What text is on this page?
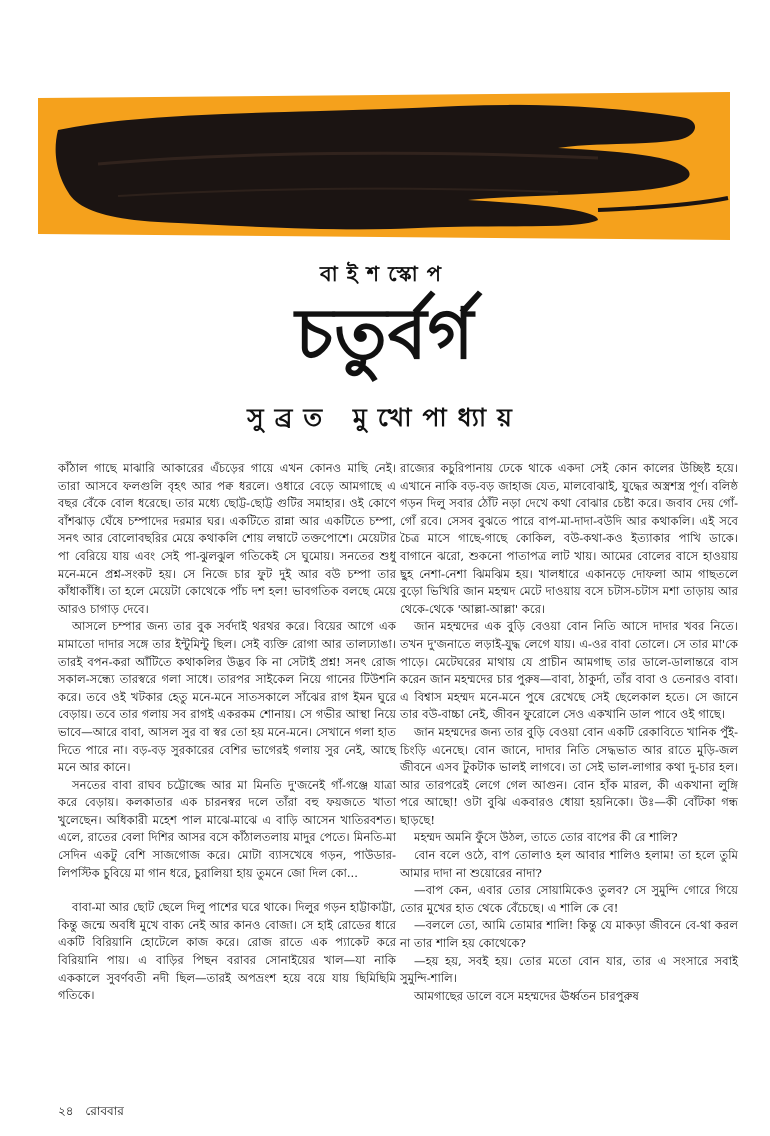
বাইশস্কোপ
চতুর্বর্গ
সুব্রত মুখোপাধ্যায়

কাঁঠাল গাছে মাঝারি আকারের এঁচড়ের গায়ে এখন কোনও মাছি নেই। তারা আসবে ফলগুলি বৃহৎ আর পক্ব ধরলে। ওধারে বেড়ে আমগাছে এ বছর বেঁকে বোল ধরেছে। তার মধ্যে ছোট্ট-ছোট্ট গুটির সমাহার। ওই কোণে বাঁশঝাড় ঘেঁষে চম্পাদের দরমার ঘর। একটিতে রান্না আর একটিতে চম্পা, সনৎ আর বোলোবছরির মেয়ে কথাকলি শোয় লম্বাটে তক্তপোশে। মেয়েটার পা বেরিয়ে যায় এবং সেই পা-ঝুলঝুল গতিকেই সে ঘুমোয়। সনতের শুধু মনে-মনে প্রশ্ন-সংকট হয়। সে নিজে চার ফুট দুই আর বউ চম্পা তার কাঁধাকাঁধি। তা হলে মেয়েটা কোথেকে পাঁচ দশ হল! ভাবগতিক বলছে মেয়ে আরও চাগাড় দেবে।

আসলে চম্পার জন্য তার বুক সর্বদাই থরথর করে। বিয়ের আগে এক মামাতো দাদার সঙ্গে তার ইন্টুমিন্টু ছিল। সেই ব্যক্তি রোগা আর তালঢ্যাঙা। তারই বপন-করা আঁটিতে কথাকলির উদ্ভব কি না সেটাই প্রশ্ন! সনৎ রোজ সকাল-সন্ধ্যে তারস্বরে গলা সাধে। তারপর সাইকেল নিয়ে গানের টিউশনি করে। তবে ওই খটকার হেতু মনে-মনে সাতসকালে সাঁঝের রাগ ইমন ঘুরে বেড়ায়। তবে তার গলায় সব রাগই একরকম শোনায়। সে গভীর আস্থা নিয়ে ভাবে—আরে বাবা, আসল সুর বা স্বর তো হয় মনে-মনে। সেখানে গলা হাত দিতে পারে না। বড়-বড় সুরকারের বেশির ভাগেরই গলায় সুর নেই, আছে মনে আর কানে।

সনতের বাবা রাঘব চট্টোজ্জে আর মা মিনতি দু'জনেই গাঁ-গঞ্জে যাত্রা করে বেড়ায়। কলকাতার এক চারনস্বর দলে তাঁরা বহু ফয়জতে খাতা খুলেছেন। অধিকারী মহেশ পাল মাঝে-মাঝে এ বাড়ি আসেন খাতিরবশত। এলে, রাতের বেলা দিশির আসর বসে কাঁঠালতলায় মাদুর পেতে। মিনতি-মা সেদিন একটু বেশি সাজগোজ করে। মোটা ব্যাসখেষে গড়ন, পাউডার-লিপস্টিক চুবিয়ে মা গান ধরে, চুরালিয়া হায় তুমনে জো দিল কো...

বাবা-মা আর ছোট ছেলে দিলু পাশের ঘরে থাকে। দিলুর গড়ন হাট্টাকাট্টা, কিন্তু জন্মে অবধি মুখে বাক্য নেই আর কানও বোজা। সে হাই রোডের ধারে একটি বিরিয়ানি হোটেলে কাজ করে। রোজ রাতে এক প্যাকেট করে বিরিয়ানি পায়। এ বাড়ির পিছন বরাবর সোনাইয়ের খাল—যা নাকি এককালে সুবর্ণবতী নদী ছিল—তারই অপভ্রংশ হয়ে বয়ে যায় ছিমিছিমি গতিকে।

রাজ্যের কচুরিপানায় ঢেকে থাকে একদা সেই কোন কালের উচ্ছিষ্ট হয়ে। এখানে নাকি বড়-বড় জাহাজ যেত, মালবোঝাই, যুদ্ধের অস্ত্রশস্ত্র পূর্ণ। বলিষ্ঠ গড়ন দিলু সবার ঠোঁট নড়া দেখে কথা বোঝার চেষ্টা করে। জবাব দেয় গোঁ-গোঁ রবে। সেসব বুঝতে পারে বাপ-মা-দাদা-বউদি আর কথাকলি। এই সবে চৈত্র মাসে গাছে-গাছে কোকিল, বউ-কথা-কও ইত্যাকার পাখি ডাকে। বাগানে ঝরো, শুকনো পাতাপত্র লাট খায়। আমের বোলের বাসে হাওয়ায় ছুহ নেশা-নেশা ঝিমঝিম হয়। খালধারে একানড়ে দোফলা আম গাছতলে বুড়ো ভিখিরি জান মহম্মদ মেটে দাওয়ায় বসে চটাস-চটাস মশা তাড়ায় আর থেকে-থেকে 'আল্লা-আল্লা' করে।

জান মহম্মদের এক বুড়ি বেওয়া বোন নিতি আসে দাদার খবর নিতে। তখন দু'জনাতে লড়াই-যুদ্ধ লেগে যায়। এ-ওর বাবা তোলে। সে তার মা'কে পাড়ে। মেটেঘরের মাথায় যে প্রাচীন আমগাছ তার ডালে-ডালান্তরে বাস করেন জান মহম্মদের চার পুরুষ—বাবা, ঠাকুর্দা, তাঁর বাবা ও তেনারও বাবা। এ বিশ্বাস মহম্মদ মনে-মনে পুষে রেখেছে সেই ছেলেকাল হতে। সে জানে তার বউ-বাচ্চা নেই, জীবন ফুরোলে সেও একখানি ডাল পাবে ওই গাছে।

জান মহম্মদের জন্য তার বুড়ি বেওয়া বোন একটি রেকাবিতে খানিক পুঁই-চিংড়ি এনেছে। বোন জানে, দাদার নিতি সেদ্ধভাত আর রাতে মুড়ি-জল জীবনে এসব টুকটাক ভালই লাগবে। তা সেই ভাল-লাগার কথা দু-চার হল। আর তারপরেই লেগে গেল আগুন। বোন হাঁক মারল, কী একখানা লুঙ্গি পরে আছো! ওটা বুঝি একবারও ধোয়া হয়নিকো। উঃ—কী বোঁটকা গন্ধ ছাড়ছে!

মহম্মদ অমনি ফুঁসে উঠল, তাতে তোর বাপের কী রে শালি?

বোন বলে ওঠে, বাপ তোলাও হল আবার শালিও হলাম! তা হলে তুমি আমার দাদা না শুয়োরের নাদা?

—বাপ কেন, এবার তোর সোয়ামিকেও তুলব? সে সুমুন্দি গোরে গিয়ে তোর মুখের হাত থেকে বেঁচেছে। এ শালি কে বে!

—বললে তো, আমি তোমার শালি! কিন্তু যে মাকড়া জীবনে বে-থা করল না তার শালি হয় কোথেকে?

—হয় হয়, সবই হয়। তোর মতো বোন যার, তার এ সংসারে সবাই সুমুন্দি-শালি।

আমগাছের ডালে বসে মহম্মদের ঊর্ধ্বতন চারপুরুষ

২৪ রোববার
